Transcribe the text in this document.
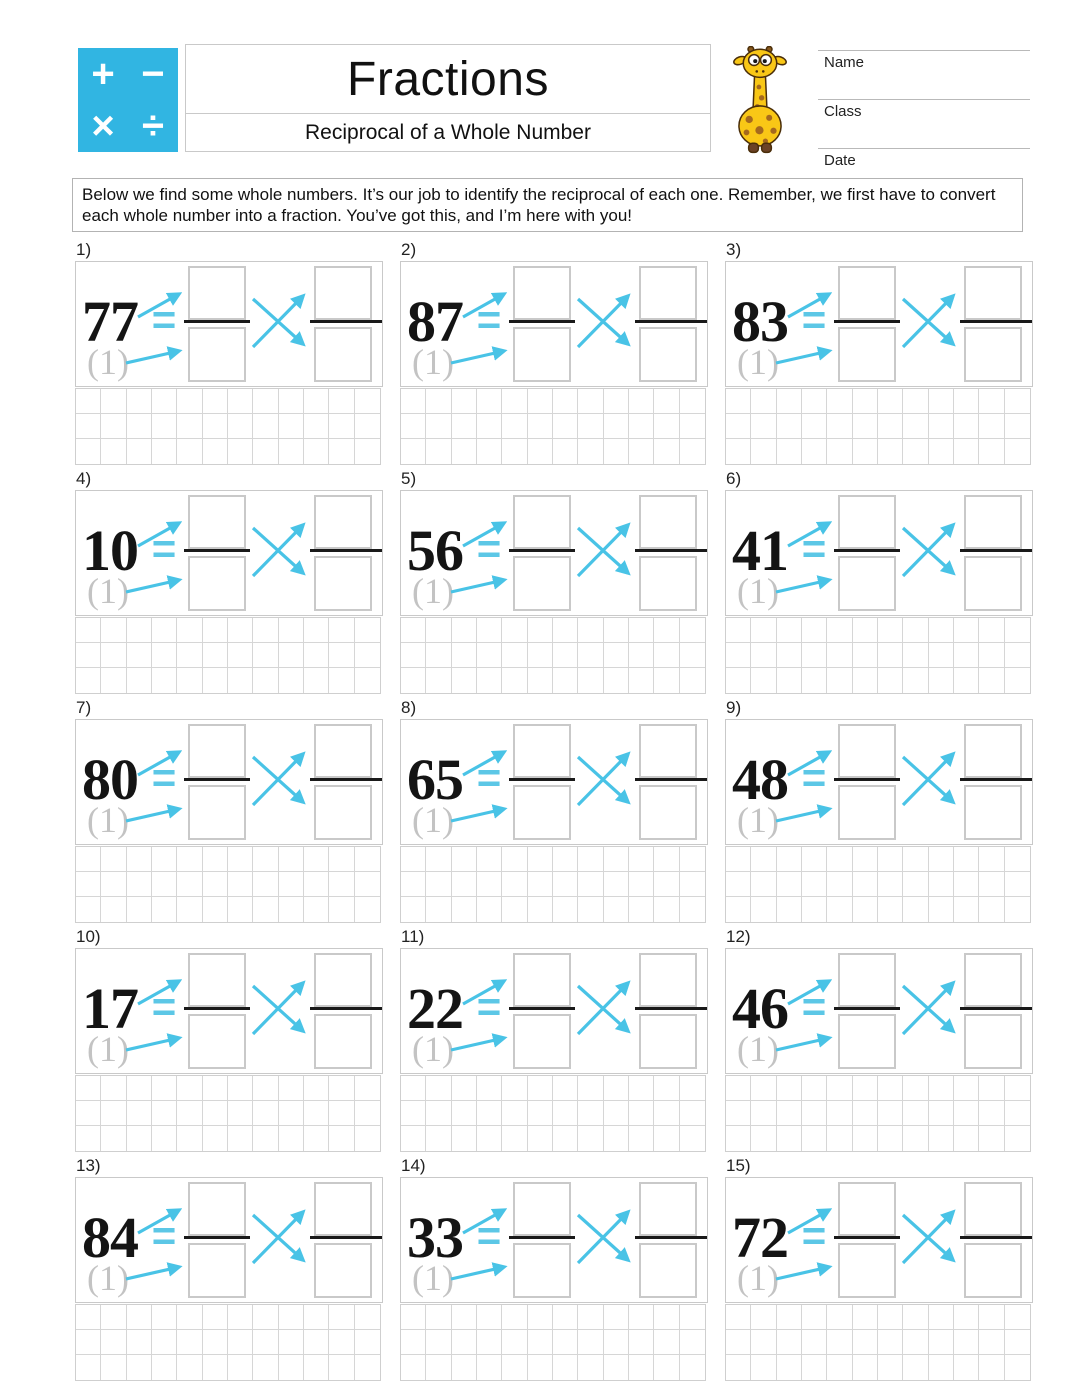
+ −
× ÷
Fractions
Reciprocal of a Whole Number
Name
Class
Date
Below we find some whole numbers. It’s our job to identify the reciprocal of each one. Remember, we first have to convert each whole number into a fraction. You’ve got this, and I’m here with you!
1)
77
(1)
=	2)
87
(1)
= 3)
83
(1)
=
4)
10
(1)
= 5)
56
(1)
= 6)
41
(1)
=
7)
80
(1)
= 8)
65
(1)
= 9)
48
(1)
=
10)
17
(1)
= 11)
22
(1)
= 12)
46
(1)
=
13)
84
(1)
= 14)
33
(1)
= 15)
72
(1)
=
